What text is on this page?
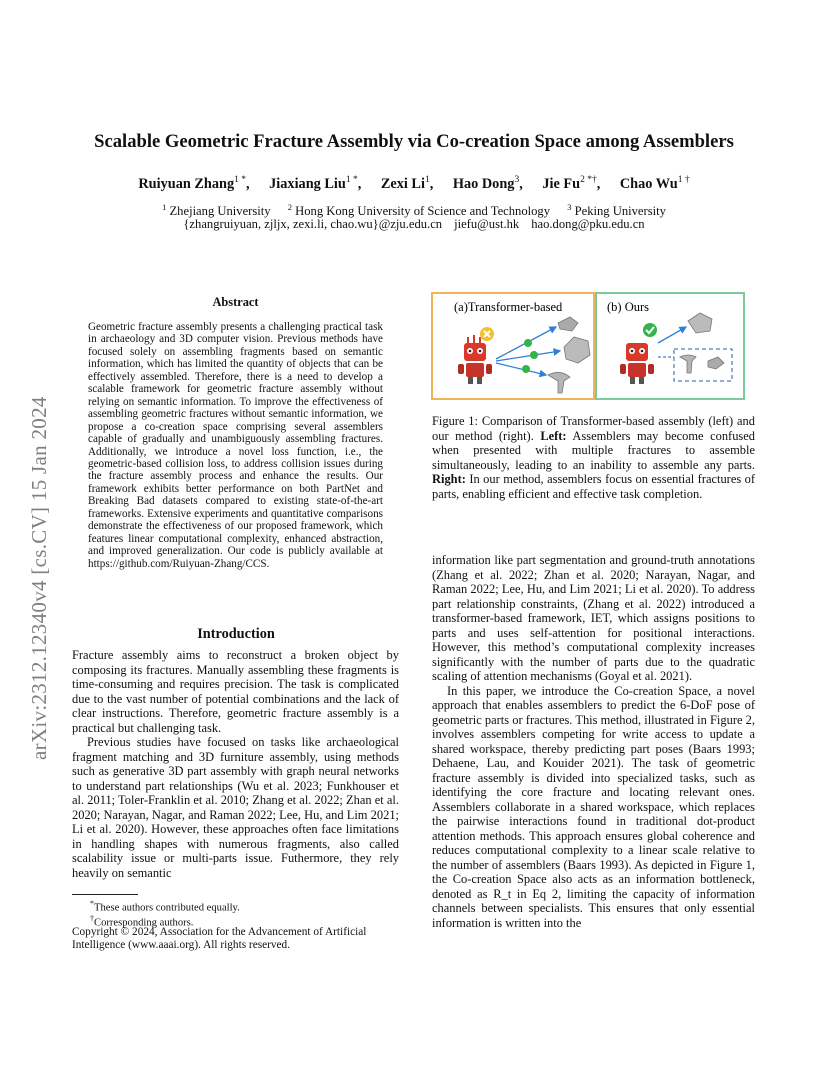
arXiv:2312.12340v4 [cs.CV] 15 Jan 2024
Scalable Geometric Fracture Assembly via Co-creation Space among Assemblers
Ruiyuan Zhang$^{1 *}$, Jiaxiang Liu$^{1 *}$, Zexi Li$^1$, Hao Dong$^3$, Jie $Fu^{2 *\dagger}$, Chao $Wu^{1 \dagger}$
$^1$ Zhejiang University $^2$ Hong Kong University of Science and Technology $^3$ Peking University
{zhangruiyuan, zjljx, zexi.li, chao.wu}@zju.edu.cn jiefu@ust.hk hao.dong@pku.edu.cn
Abstract
Geometric fracture assembly presents a challenging practical task in archaeology and 3D computer vision. Previous methods have focused solely on assembling fragments based on semantic information, which has limited the quantity of objects that can be effectively assembled. Therefore, there is a need to develop a scalable framework for geometric fracture assembly without relying on semantic information. To improve the effectiveness of assembling geometric fractures without semantic information, we propose a co-creation space comprising several assemblers capable of gradually and unambiguously assembling fractures. Additionally, we introduce a novel loss function, i.e., the geometric-based collision loss, to address collision issues during the fracture assembly process and enhance the results. Our framework exhibits better performance on both PartNet and Breaking Bad datasets compared to existing state-of-the-art frameworks. Extensive experiments and quantitative comparisons demonstrate the effectiveness of our proposed framework, which features linear computational complexity, enhanced abstraction, and improved generalization. Our code is publicly available at https://github.com/Ruiyuan-Zhang/CCS.
Introduction

Fracture assembly aims to reconstruct a broken object by composing its fractures. Manually assembling these fragments is time-consuming and requires precision. The task is complicated due to the vast number of potential combinations and the lack of clear instructions. Therefore, geometric fracture assembly is a practical but challenging task.

Previous studies have focused on tasks like archaeological fragment matching and 3D furniture assembly, using methods such as generative 3D part assembly with graph neural networks to understand part relationships (Wu et al. 2023; Funkhouser et al. 2011; Toler-Franklin et al. 2010; Zhang et al. 2022; Zhan et al. 2020; Narayan, Nagar, and Raman 2022; Lee, Hu, and Lim 2021; Li et al. 2020). However, these approaches often face limitations in handling shapes with numerous fragments, also called scalability issue or multi-parts issue. Futhermore, they rely heavily on semantic

*These authors contributed equally.
†Corresponding authors.
Copyright © 2024, Association for the Advancement of Artificial Intelligence (www.aaai.org). All rights reserved.
(a)Transformer-based	(b) Ours
Figure 1: Comparison of Transformer-based assembly (left) and our method (right). Left: Assemblers may become confused when presented with multiple fractures to assemble simultaneously, leading to an inability to assemble any parts. Right: In our method, assemblers focus on essential fractures of parts, enabling efficient and effective task completion.

information like part segmentation and ground-truth annotations (Zhang et al. 2022; Zhan et al. 2020; Narayan, Nagar, and Raman 2022; Lee, Hu, and Lim 2021; Li et al. 2020). To address part relationship constraints, (Zhang et al. 2022) introduced a transformer-based framework, IET, which assigns positions to parts and uses self-attention for positional interactions. However, this method’s computational complexity increases significantly with the number of parts due to the quadratic scaling of attention mechanisms (Goyal et al. 2021).

In this paper, we introduce the Co-creation Space, a novel approach that enables assemblers to predict the 6-DoF pose of geometric parts or fractures. This method, illustrated in Figure 2, involves assemblers competing for write access to update a shared workspace, thereby predicting part poses (Baars 1993; Dehaene, Lau, and Kouider 2021). The task of geometric fracture assembly is divided into specialized tasks, such as identifying the core fracture and locating relevant ones. Assemblers collaborate in a shared workspace, which replaces the pairwise interactions found in traditional dot-product attention methods. This approach ensures global coherence and reduces computational complexity to a linear scale relative to the number of assemblers (Baars 1993). As depicted in Figure 1, the Co-creation Space also acts as an information bottleneck, denoted as R_t in Eq 2, limiting the capacity of information channels between specialists. This ensures that only essential information is written into the
